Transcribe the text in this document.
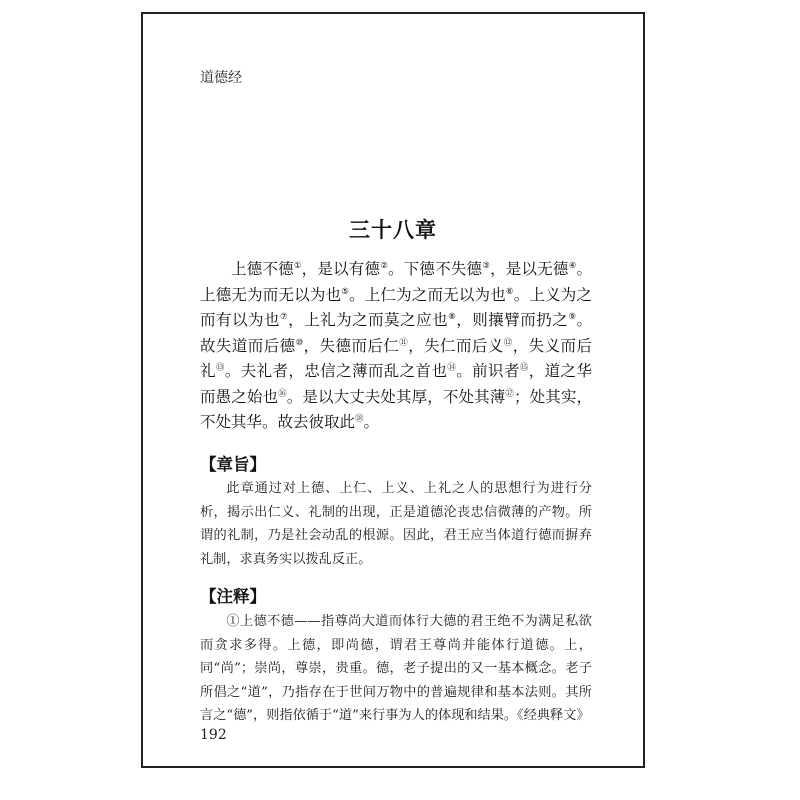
道德经
三十八章

上德不德①，是以有德②。下德不失德③，是以无德④。上德无为而无以为也⑤。上仁为之而无以为也⑥。上义为之而有以为也⑦，上礼为之而莫之应也⑧，则攘臂而扔之⑨。故失道而后德⑩，失德而后仁⑪，失仁而后义⑫，失义而后礼⑬。夫礼者，忠信之薄而乱之首也⑭。前识者⑮，道之华而愚之始也⑯。是以大丈夫处其厚，不处其薄⑰；处其实，不处其华。故去彼取此⑱。

【章旨】

此章通过对上德、上仁、上义、上礼之人的思想行为进行分析，揭示出仁义、礼制的出现，正是道德沦丧忠信微薄的产物。所谓的礼制，乃是社会动乱的根源。因此，君王应当体道行德而摒弃礼制，求真务实以拨乱反正。

【注释】

①上德不德——指尊尚大道而体行大德的君王绝不为满足私欲而贪求多得。上德，即尚德，谓君王尊尚并能体行道德。上，同“尚”；崇尚，尊崇，贵重。德，老子提出的又一基本概念。老子所倡之“道”，乃指存在于世间万物中的普遍规律和基本法则。其所言之“德”，则指依循于“道”来行事为人的体现和结果。《经典释文》

192
